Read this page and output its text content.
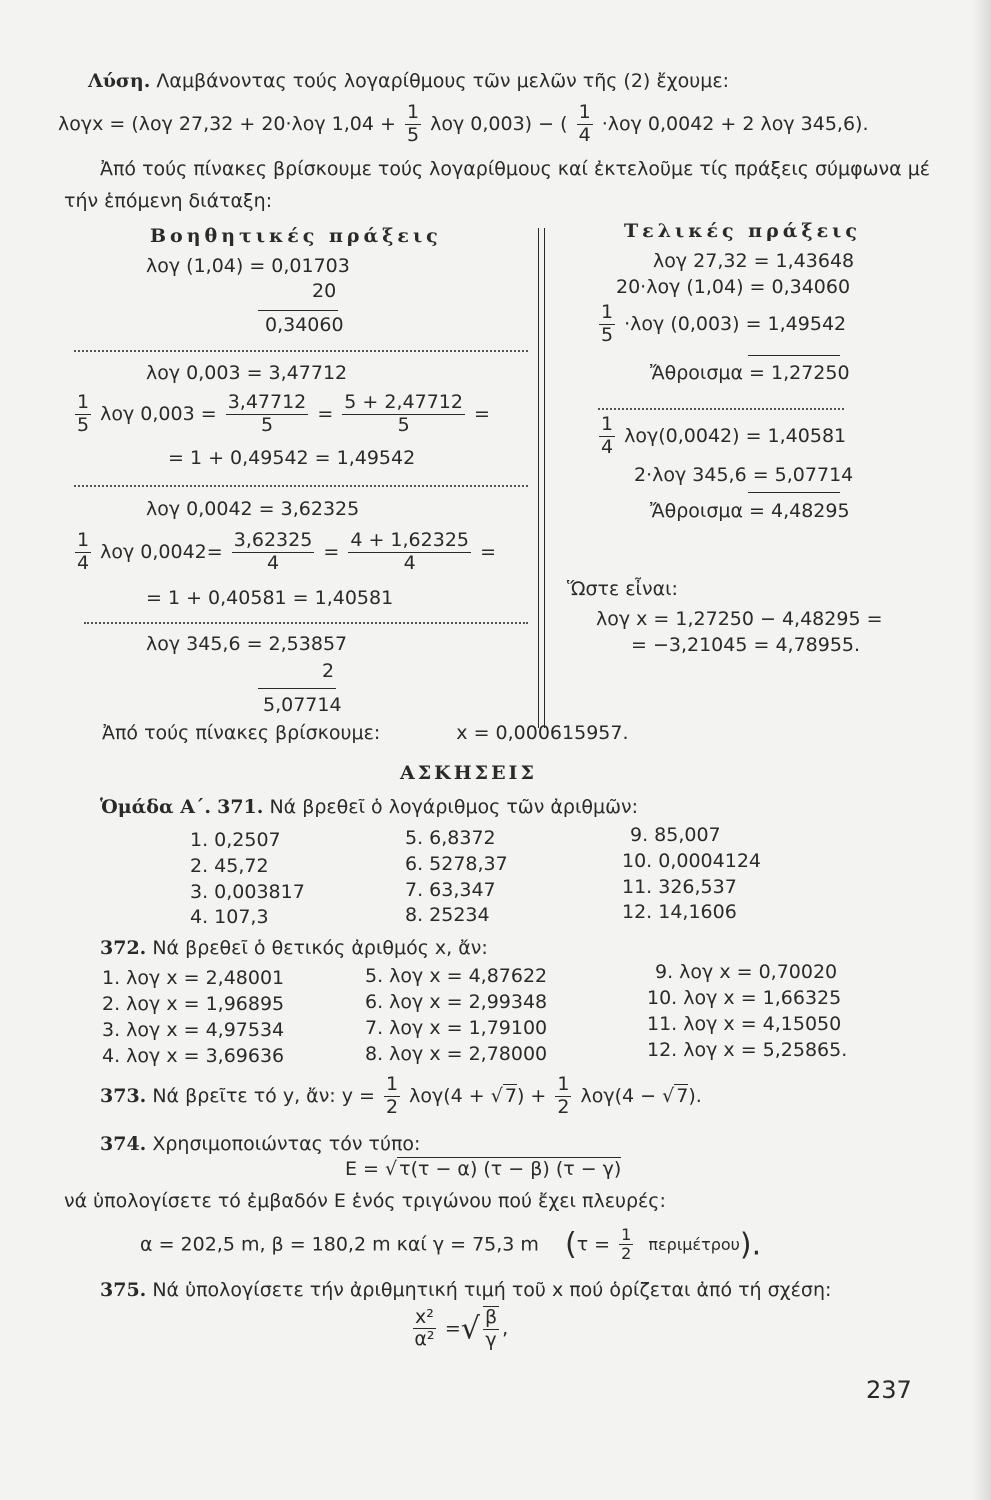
Λύση. Λαμβάνοντας τούς λογαρίθμους τῶν μελῶν τῆς (2) ἔχουμε:
λογx = (λογ 27,32 + 20·λογ $1,04 + \frac{1}{5}$ λογ 0,003) − ( $\frac{1}{4} \cdot\lambda o\gamma$ 0,0042 + 2 λογ 345,6).
Ἀπό τούς πίνακες βρίσκουμε τούς λογαρίθμους καί ἐκτελοῦμε τίς πράξεις σύμφωνα μέ
τήν ἑπόμενη διάταξη:
Βοηθητικές πράξεις
λογ (1,04) = 0,01703
20
0,34060
λογ 0,003 = 3,47712
$\frac{1}{5}$ λογ $0,003 = \frac{3,47712}{5} = \frac{5 + 2,47712}{5}$ =
= 1 + 0,49542 = 1,49542
λογ 0,0042 = 3,62325
$\frac{1}{4}$ λογ $0,0042= \frac{3,62325}{4} = \frac{4 + 1,62325}{4}$ =
= 1 + 0,40581 = 1,40581
λογ 345,6 = 2,53857
2
5,07714
Τελικές πράξεις
λογ 27,32 = 1,43648
20·λογ (1,04) = 0,34060
$\frac{1}{5} \cdot\lambda o\gamma$ (0,003) = 1,49542
Ἄθροισμα = 1,27250
$\frac{1}{4} \lambda o\gamma(0,0042) = 1,40581$
2·λογ 345,6 = 5,07714
Ἄθροισμα = 4,48295
Ὥστε εἶναι:
λογ x = 1,27250 − 4,48295 =
= −3,21045 = 4,78955.
Ἀπό τούς πίνακες βρίσκουμε:	x = 0,000615957.
ΑΣΚΗΣΕΙΣ
Ὁμάδα Α΄. 371. Νά βρεθεῖ ὁ λογάριθμος τῶν ἀριθμῶν:
1. 0,2507
2. 45,72
3. 0,003817
4. 107,3
5. 6,8372
6. 5278,37
7. 63,347
8. 25234
9. 85,007
10. 0,0004124
11. 326,537
12. 14,1606
372. Νά βρεθεῖ ὁ θετικός ἀριθμός x, ἄν:
1. λογ x = 2,48001
2. λογ x = 1,96895
3. λογ x = 4,97534
4. λογ x = 3,69636
5. λογ x = 4,87622
6. λογ x = 2,99348
7. λογ x = 1,79100
8. λογ x = 2,78000
9. λογ x = 0,70020
10. λογ x = 1,66325
11. λογ x = 4,15050
12. λογ x = 5,25865.
373. Νά βρεῖτε τό y, ἄν: $y = \frac{1}{2} \lambda o\gamma(4$ + √ $7) + \frac{1}{2} \lambda o\gamma(4$ − √ 7).
374. Χρησιμοποιώντας τόν τύπο:
Ε = √ τ(τ − α) (τ − β) (τ − γ)
νά ὑπολογίσετε τό ἐμβαδόν Ε ἑνός τριγώνου πού ἔχει πλευρές:
α = 202,5 m, β = 180,2 m καί γ = 75,3 m $(\tau = \frac{1}{2} \pi\varepsilon\rho\iota\mu έ\tau\rho o\upsilon)$.
375. Νά ὑπολογίσετε τήν ἀριθμητική τιμή τοῦ x πού ὁρίζεται ἀπό τή σχέση:
$\frac{\text{x²}}{\text{α²}}$ =√ $\frac{\beta}{\gamma}$ ,
237
